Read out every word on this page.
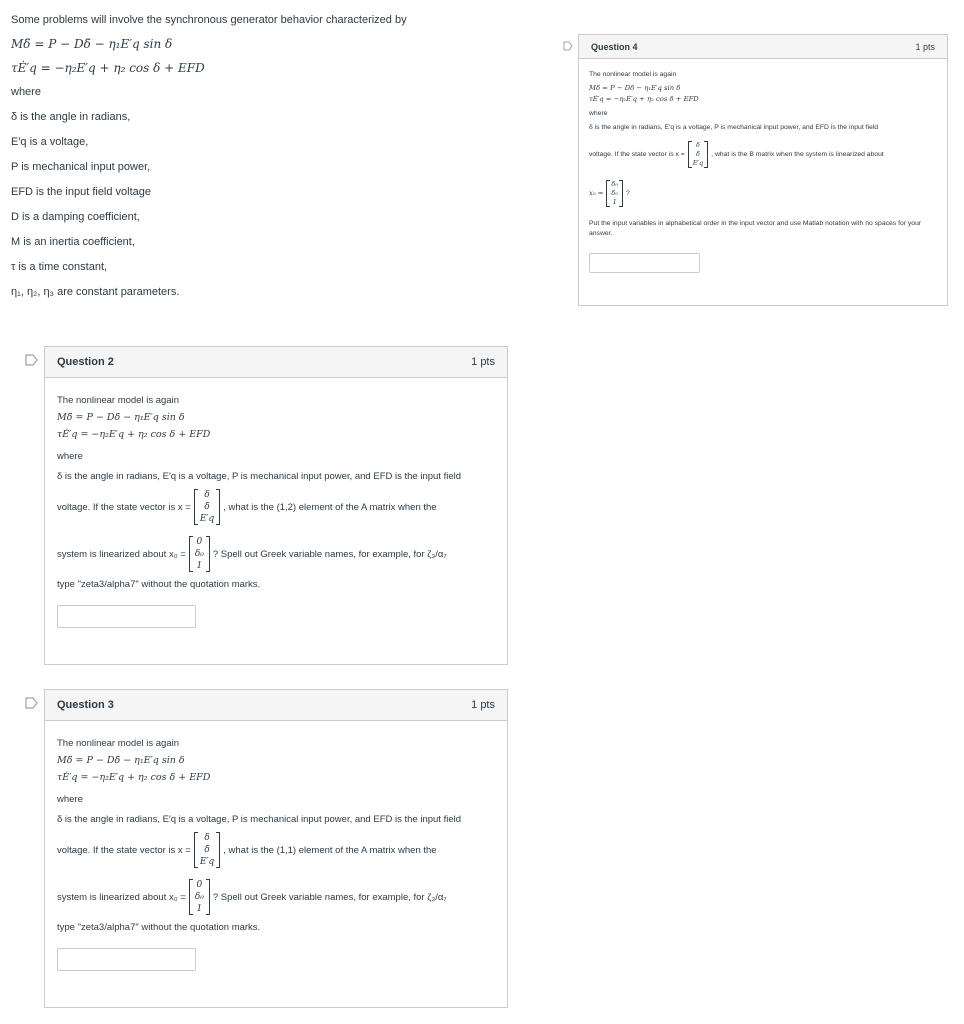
Some problems will involve the synchronous generator behavior characterized by
Mδ̈ = P − Dδ̇ − η₁E′q sin δ
τĖ′q = −η₂E′q + η₂ cos δ + EFD
where
δ is the angle in radians,
E′q is a voltage,
P is mechanical input power,
EFD is the input field voltage
D is a damping coefficient,
M is an inertia coefficient,
τ is a time constant,
η₁, η₂, η₃ are constant parameters.
Question 4	1 pts
The nonlinear model is again
Mδ̈ = P − Dδ̇ − η₁E′q sin δ
τĖ′q = −η₂E′q + η₂ cos δ + EFD
where
δ is the angle in radians, E′q is a voltage, P is mechanical input power, and EFD is the input field
voltage. If the state vector is x =
δ
δ̇
E′q
, what is the B matrix when the system is linearized about
x₀ =
δ₀
δ̇₀
1
?
Put the input variables in alphabetical order in the input vector and use Matlab notation with no spaces for your answer.
Question 2	1 pts
The nonlinear model is again
Mδ̈ = P − Dδ̇ − η₁E′q sin δ
τĖ′q = −η₂E′q + η₂ cos δ + EFD
where
δ is the angle in radians, E′q is a voltage, P is mechanical input power, and EFD is the input field
voltage. If the state vector is x =
δ
δ̇
E′q
, what is the (1,2) element of the A matrix when the
system is linearized about x₀ =
0
δ₀
1
? Spell out Greek variable names, for example, for ζ₃/α₇
type "zeta3/alpha7" without the quotation marks.
Question 3	1 pts
The nonlinear model is again
Mδ̈ = P − Dδ̇ − η₁E′q sin δ
τĖ′q = −η₂E′q + η₂ cos δ + EFD
where
δ is the angle in radians, E′q is a voltage, P is mechanical input power, and EFD is the input field
voltage. If the state vector is x =
δ
δ̇
E′q
, what is the (1,1) element of the A matrix when the
system is linearized about x₀ =
0
δ₀
1
? Spell out Greek variable names, for example, for ζ₃/α₇
type "zeta3/alpha7" without the quotation marks.
